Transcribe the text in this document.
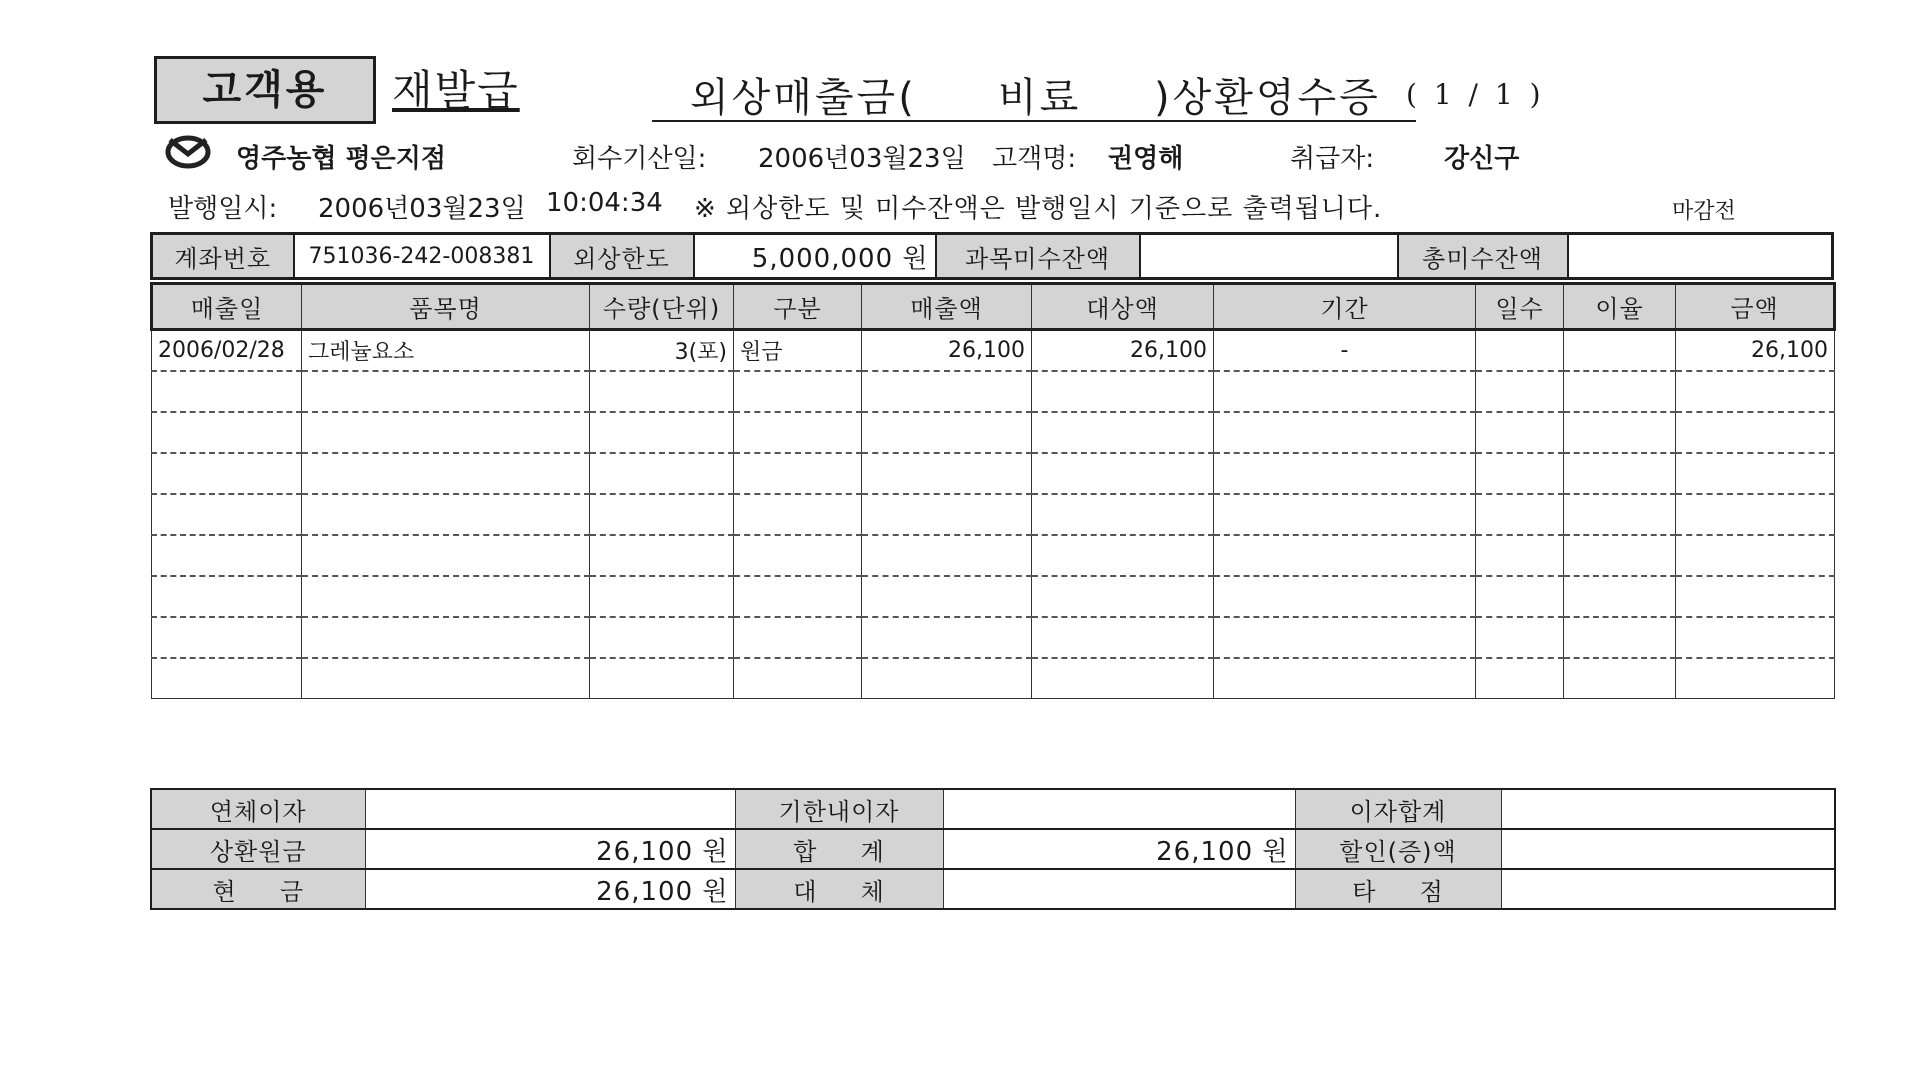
고객용	재발급	외상매출금( 비료 )상환영수증 ( 1 / 1 )
영주농협 평은지점	회수기산일: 2006년03월23일 고객명: 권영해	취급자:	강신구
발행일시: 2006년03월23일 10:04:34 ※ 외상한도 및 미수잔액은 발행일시 기준으로 출력됩니다.	마감전
계좌번호	751036-242-008381	외상한도	5,000,000 원	과목미수잔액		총미수잔액	
매출일	품목명	수량(단위)	구분	매출액	대상액	기간	일수	이율	금액
2006/02/28	그레뉼요소	3(포)	원금	26,100	26,100	-			26,100

연체이자		기한내이자		이자합계	
상환원금	26,100 원	합     계	26,100 원	할인(증)액	
현     금	26,100 원	대     체		타     점	
